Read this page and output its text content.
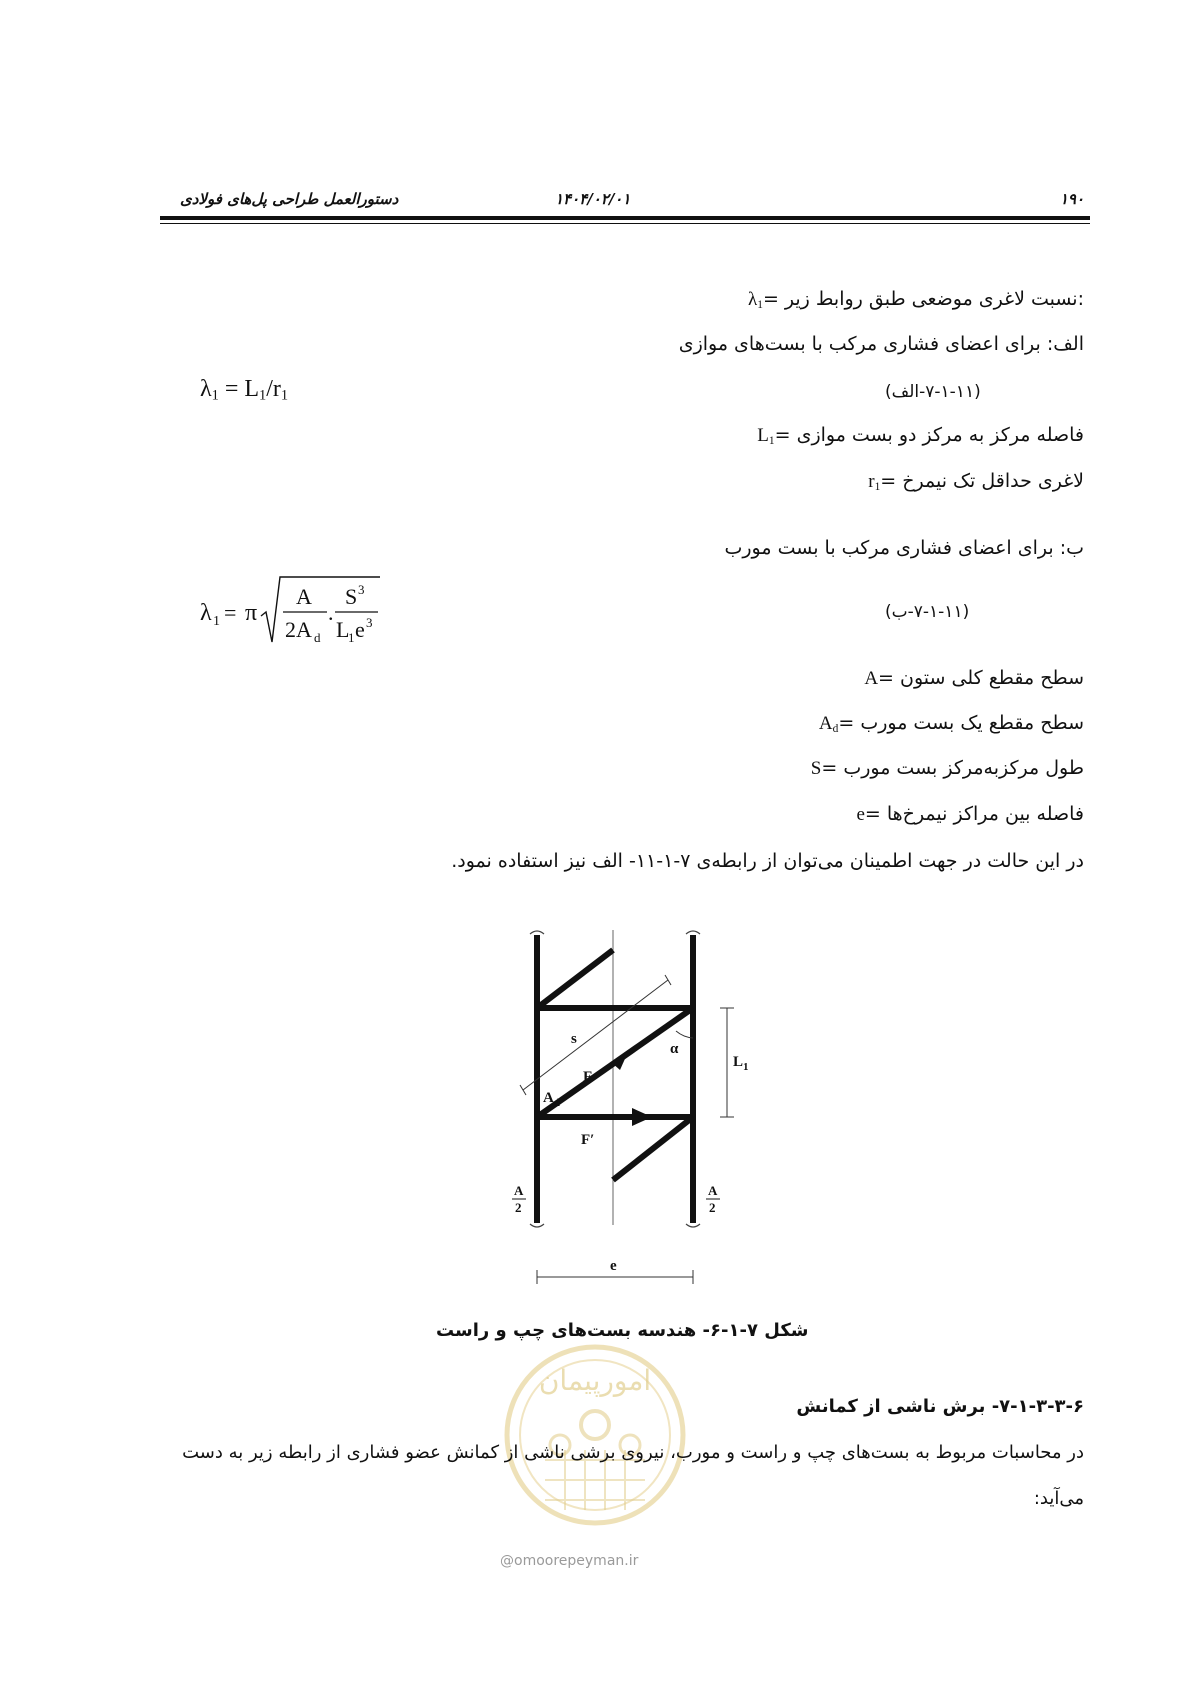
۱۹۰
۱۴۰۴/۰۲/۰۱
دستورالعمل طراحی پل‌های فولادی
$\lambda_1=$ نسبت لاغری موضعی طبق روابط زیر:
الف: برای اعضای فشاری مرکب با بست‌های موازی
$\lambda_1 = L_1/r_1$	(۷-۱-۱۱-الف)
$L_1=$ فاصله مرکز به مرکز دو بست موازی
$r_1=$ لاغری حداقل تک نیمرخ
ب: برای اعضای فشاری مرکب با بست مورب
λ 1 = π
A
2A d
.
S 3
L
1 e 3
(۷-۱-۱۱-ب)
A= سطح مقطع کلی ستون
$A_d=$ سطح مقطع یک بست مورب
S= طول مرکزبه‌مرکز بست مورب
e= فاصله بین مراکز نیمرخ‌ها
در این حالت در جهت اطمینان می‌توان از رابطه‌ی ۷-۱-۱۱- الف نیز استفاده نمود.
s
F
F′
$A_d$
α
$L_1$
A
2
A
2
e
شکل ۷-۱-۶- هندسه بست‌های چپ و راست
امورپیمان
@omoorepeyman.ir
۷-۱-۳-۳-۶- برش ناشی از کمانش
در محاسبات مربوط به بست‌های چپ و راست و مورب، نیروی برشی ناشی از کمانش عضو فشاری از رابطه زیر به دست
می‌آید:
